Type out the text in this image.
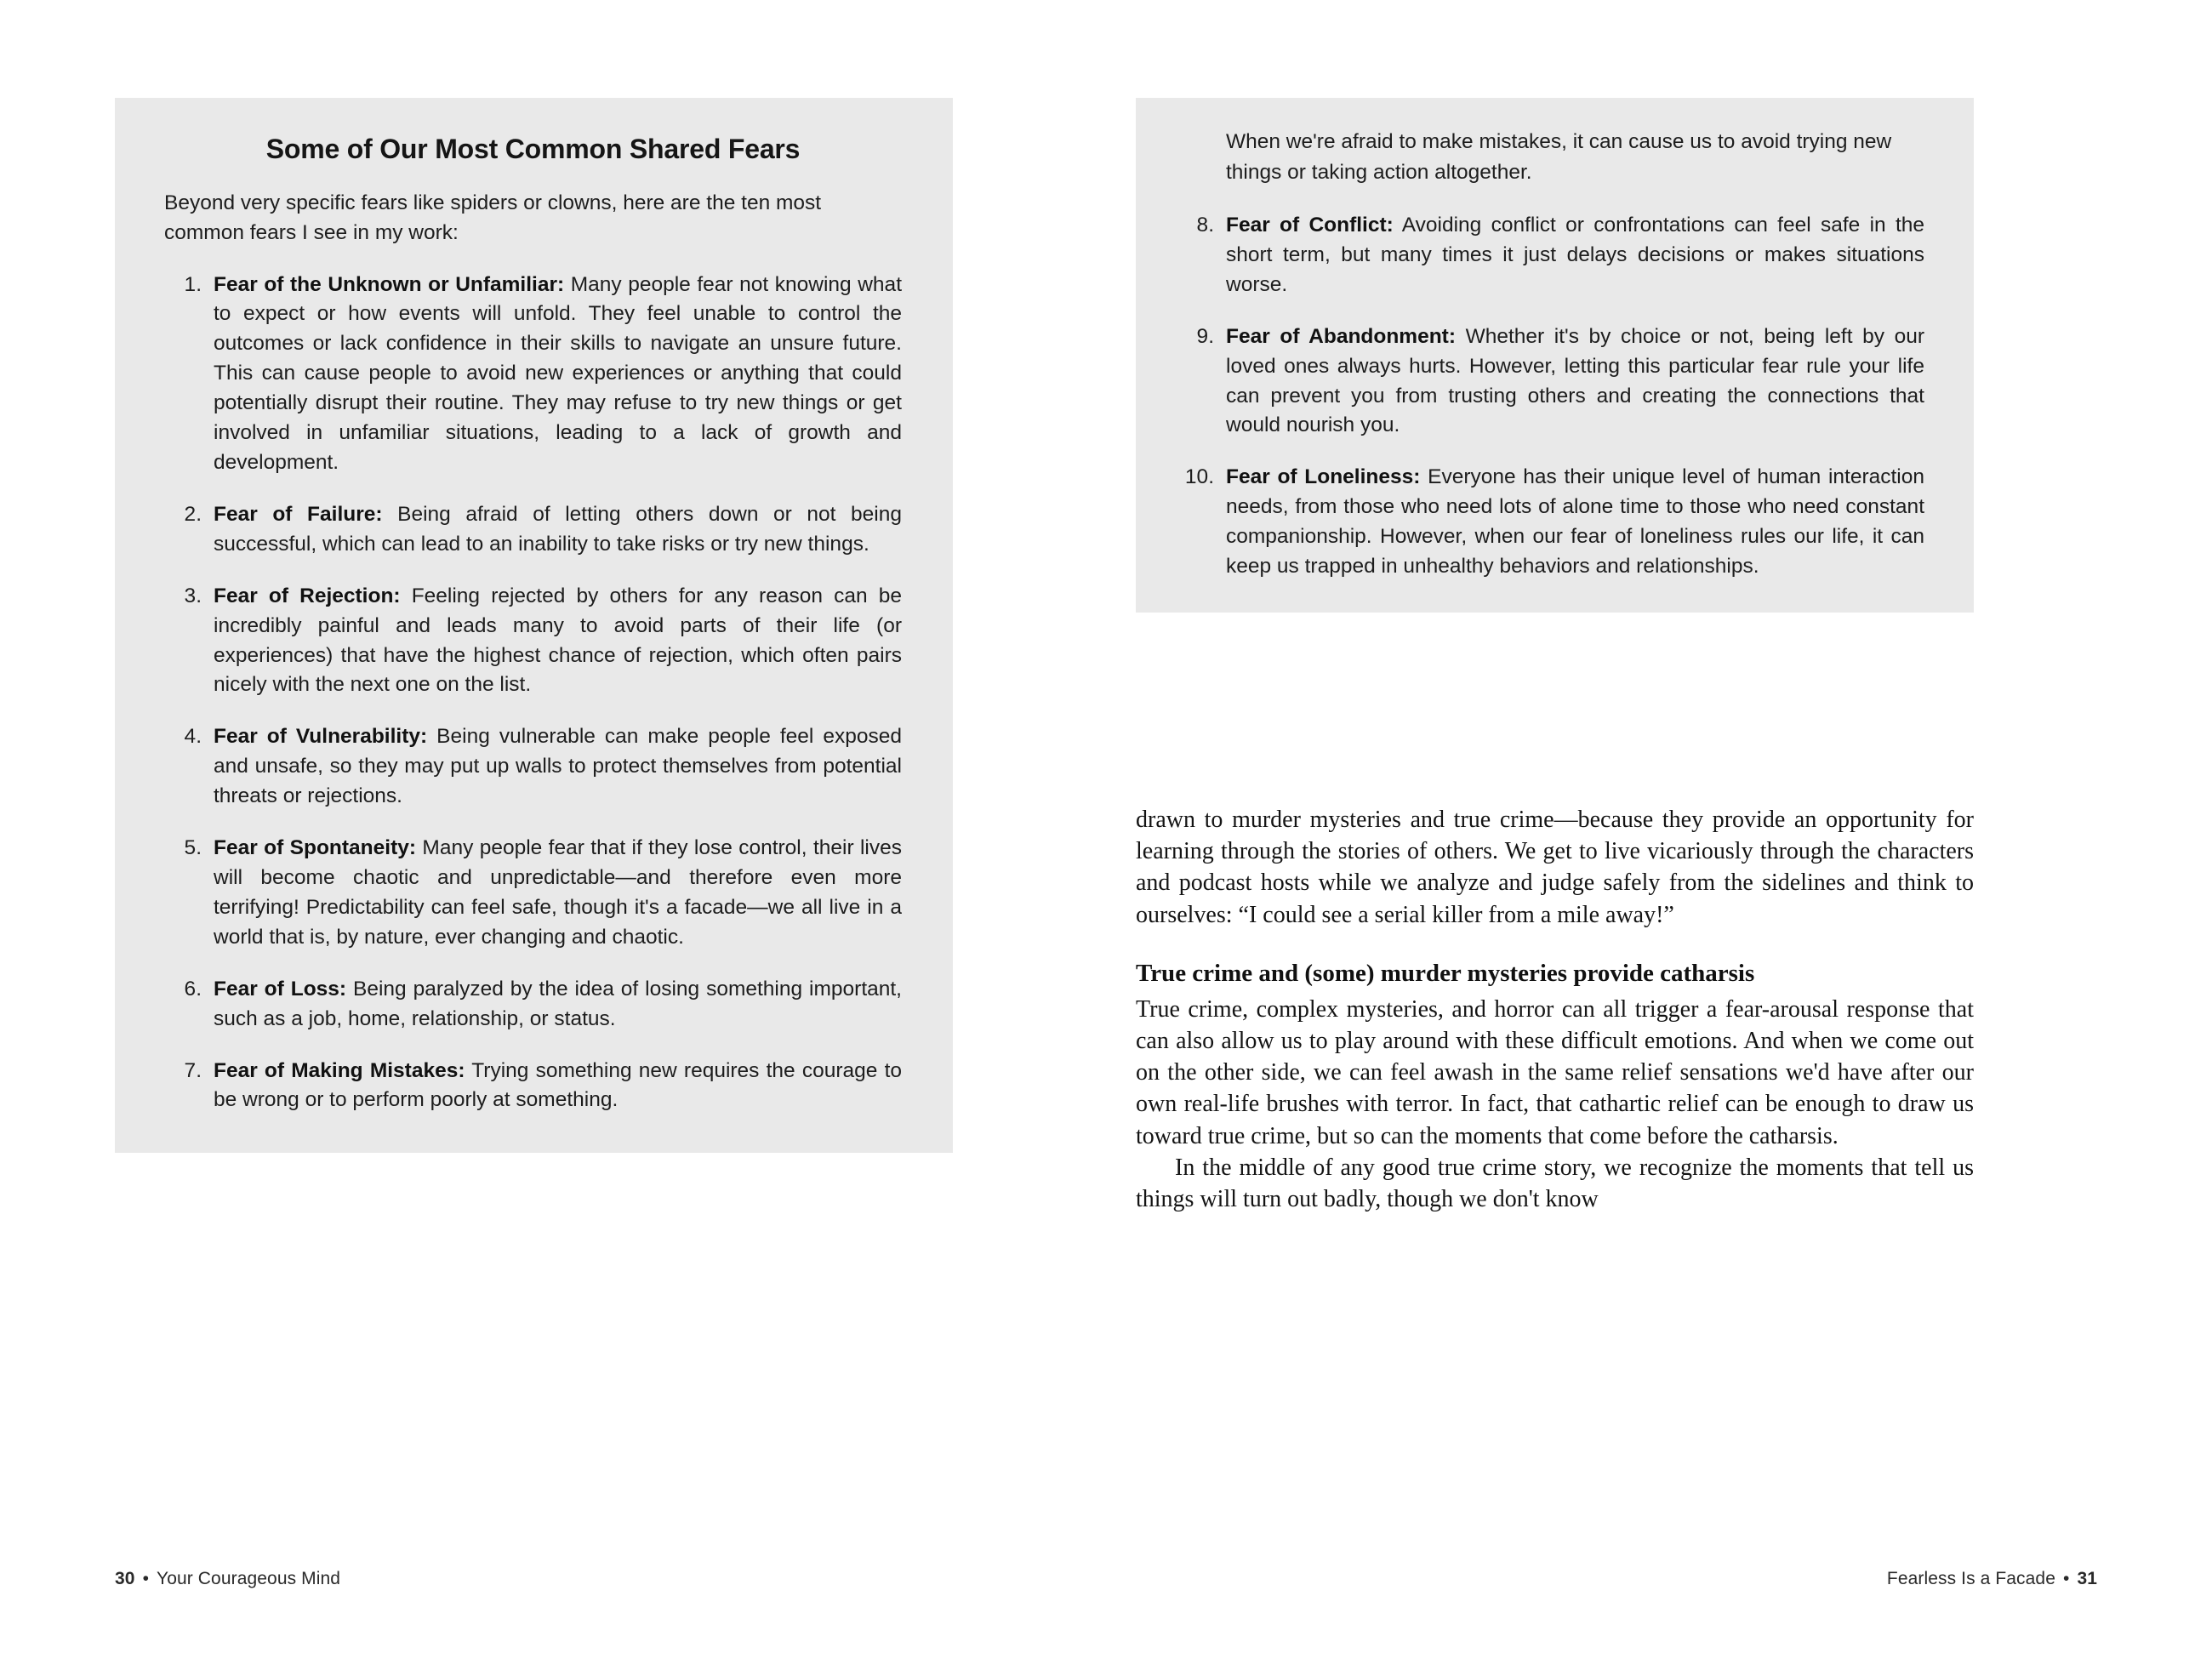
Some of Our Most Common Shared Fears

Beyond very specific fears like spiders or clowns, here are the ten most common fears I see in my work:

Fear of the Unknown or Unfamiliar: Many people fear not knowing what to expect or how events will unfold. They feel unable to control the outcomes or lack confidence in their skills to navigate an unsure future. This can cause people to avoid new experiences or anything that could potentially disrupt their routine. They may refuse to try new things or get involved in unfamiliar situations, leading to a lack of growth and development.
Fear of Failure: Being afraid of letting others down or not being successful, which can lead to an inability to take risks or try new things.
Fear of Rejection: Feeling rejected by others for any reason can be incredibly painful and leads many to avoid parts of their life (or experiences) that have the highest chance of rejection, which often pairs nicely with the next one on the list.
Fear of Vulnerability: Being vulnerable can make people feel exposed and unsafe, so they may put up walls to protect themselves from potential threats or rejections.
Fear of Spontaneity: Many people fear that if they lose control, their lives will become chaotic and unpredictable—and therefore even more terrifying! Predictability can feel safe, though it's a facade—we all live in a world that is, by nature, ever changing and chaotic.
Fear of Loss: Being paralyzed by the idea of losing something important, such as a job, home, relationship, or status.
Fear of Making Mistakes: Trying something new requires the courage to be wrong or to perform poorly at something.
30 • Your Courageous Mind

When we're afraid to make mistakes, it can cause us to avoid trying new things or taking action altogether.

Fear of Conflict: Avoiding conflict or confrontations can feel safe in the short term, but many times it just delays decisions or makes situations worse.
Fear of Abandonment: Whether it's by choice or not, being left by our loved ones always hurts. However, letting this particular fear rule your life can prevent you from trusting others and creating the connections that would nourish you.
Fear of Loneliness: Everyone has their unique level of human interaction needs, from those who need lots of alone time to those who need constant companionship. However, when our fear of loneliness rules our life, it can keep us trapped in unhealthy behaviors and relationships.

drawn to murder mysteries and true crime—because they provide an opportunity for learning through the stories of others. We get to live vicariously through the characters and podcast hosts while we analyze and judge safely from the sidelines and think to ourselves: “I could see a serial killer from a mile away!”

True crime and (some) murder mysteries provide catharsis

True crime, complex mysteries, and horror can all trigger a fear-arousal response that can also allow us to play around with these difficult emotions. And when we come out on the other side, we can feel awash in the same relief sensations we'd have after our own real-life brushes with terror. In fact, that cathartic relief can be enough to draw us toward true crime, but so can the moments that come before the catharsis.

In the middle of any good true crime story, we recognize the moments that tell us things will turn out badly, though we don't know

Fearless Is a Facade • 31
